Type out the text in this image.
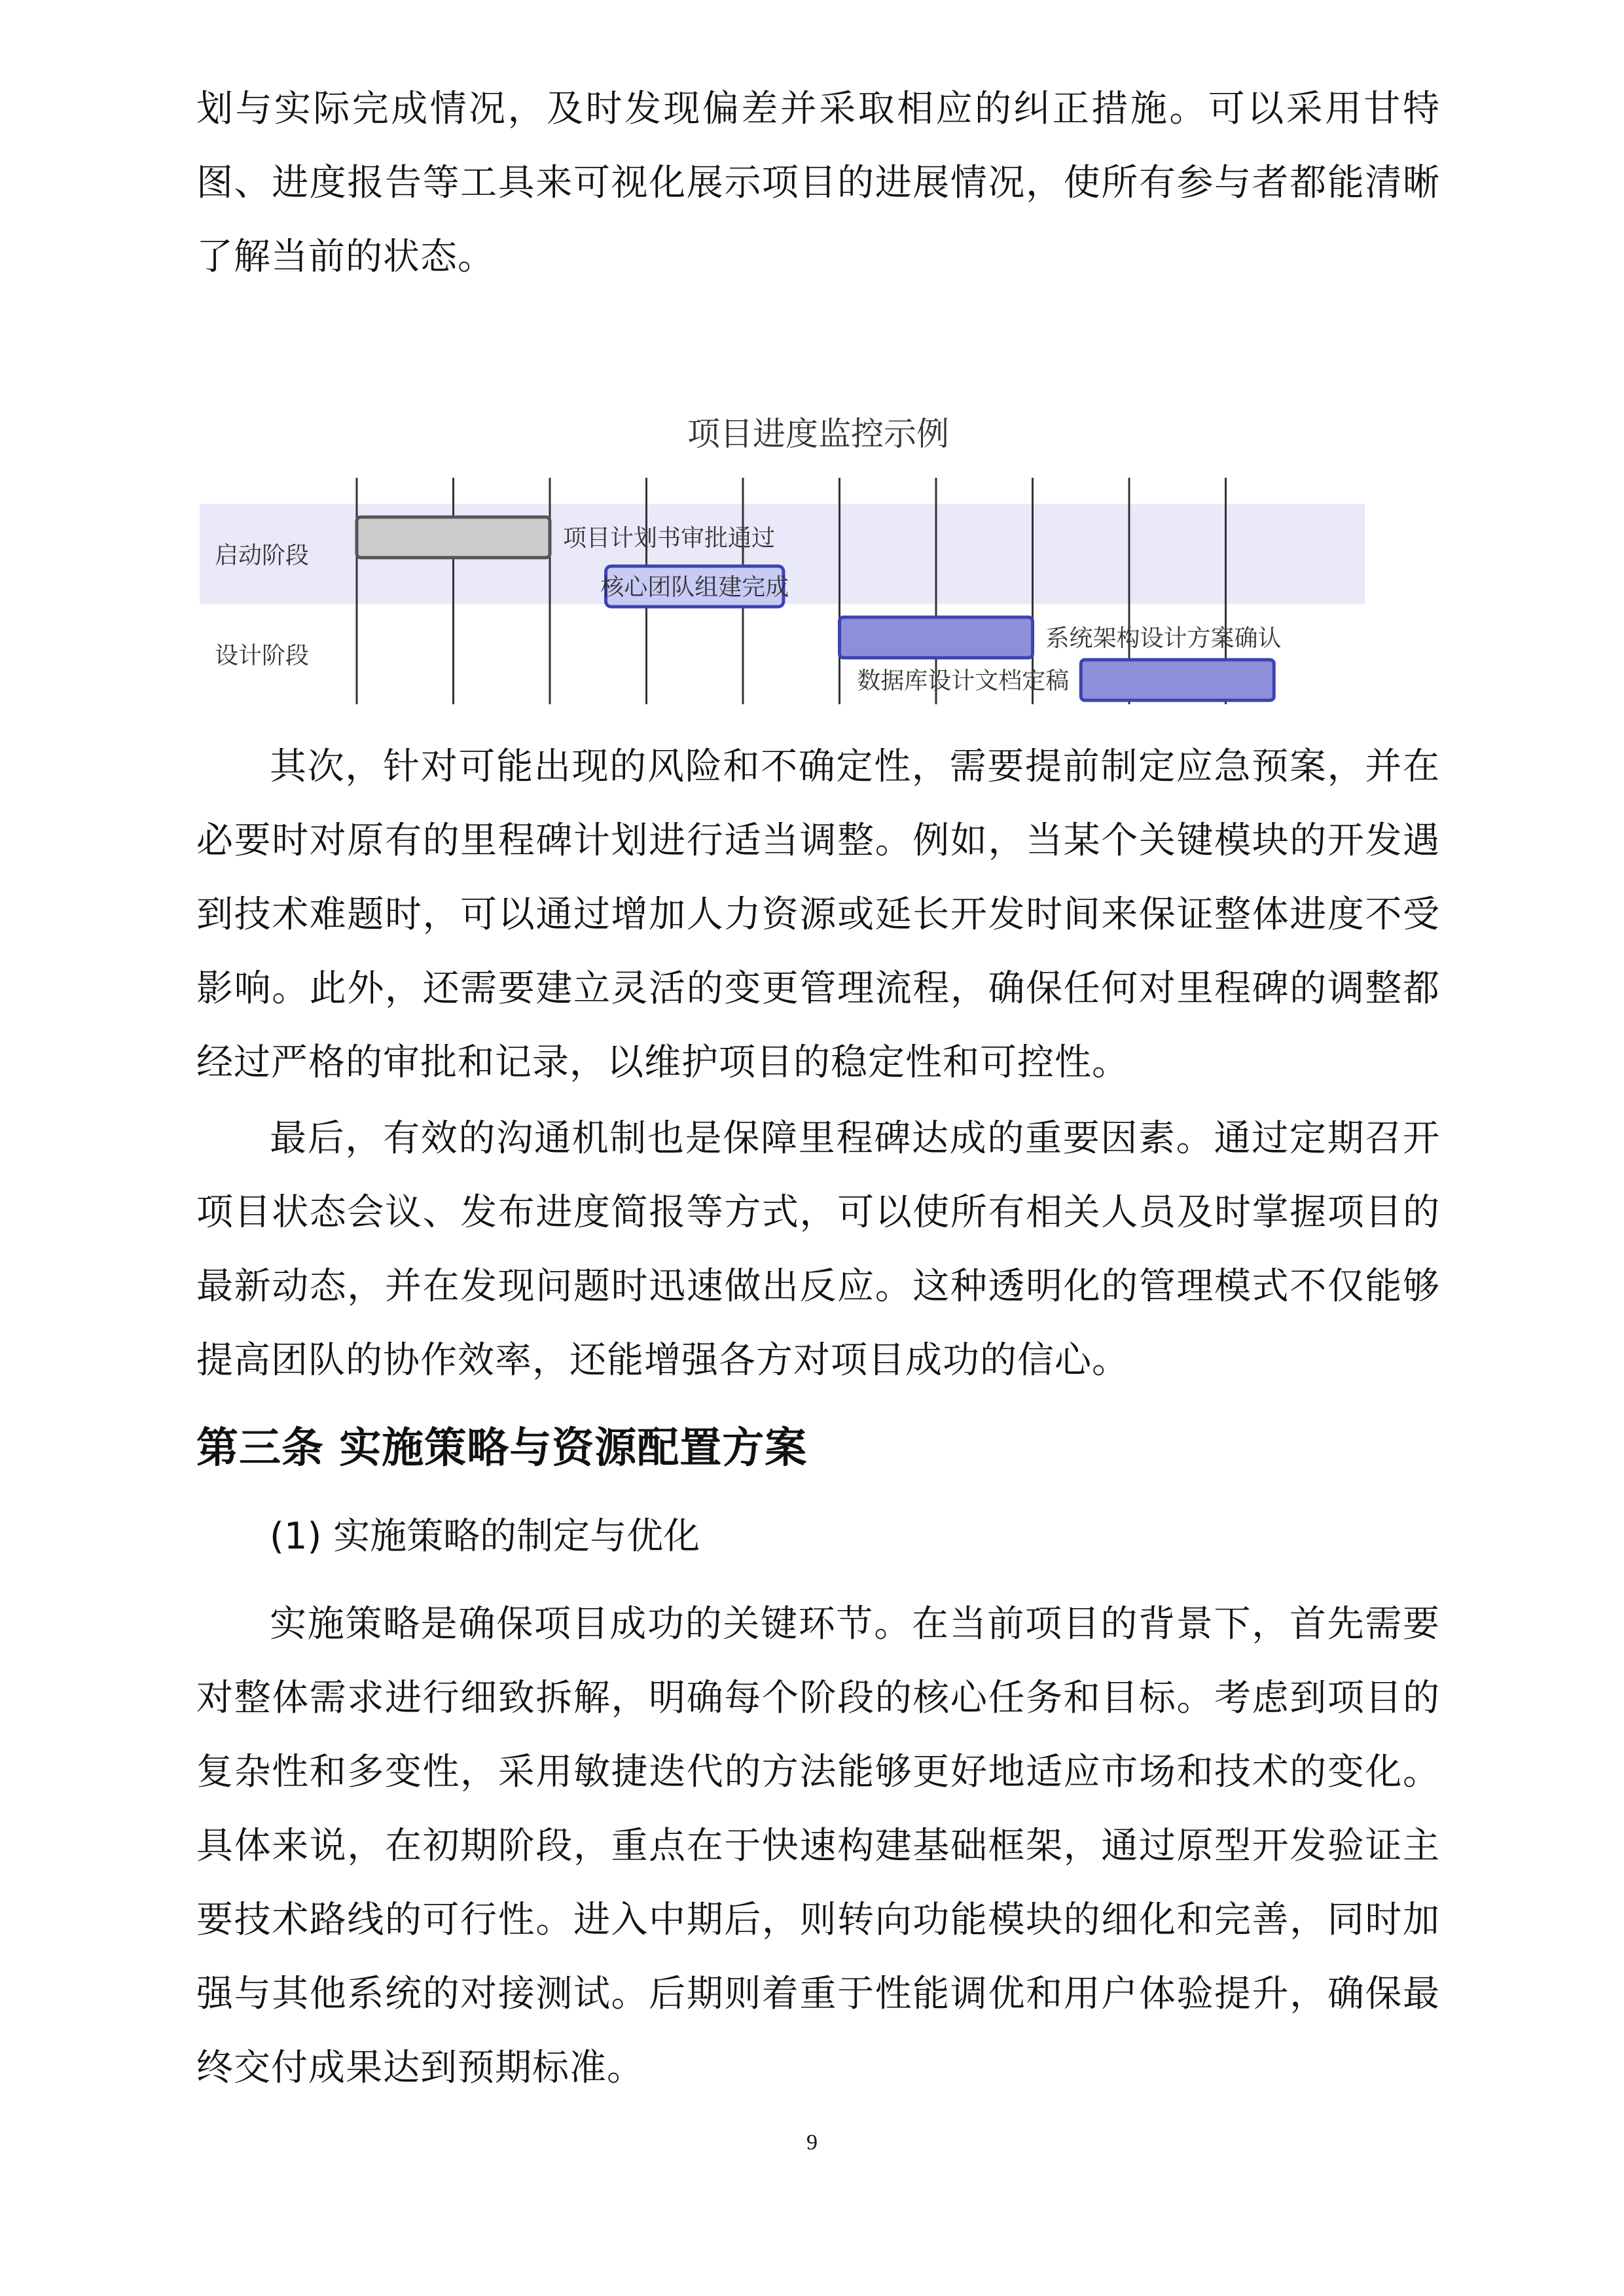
划与实际完成情况，及时发现偏差并采取相应的纠正措施。可以采用甘特图、进度报告等工具来可视化展示项目的进展情况，使所有参与者都能清晰了解当前的状态。

启动阶段
设计阶段
项目计划书审批通过
核心团队组建完成
系统架构设计方案确认
数据库设计文档定稿
项目进度监控示例

其次，针对可能出现的风险和不确定性，需要提前制定应急预案，并在必要时对原有的里程碑计划进行适当调整。例如，当某个关键模块的开发遇到技术难题时，可以通过增加人力资源或延长开发时间来保证整体进度不受影响。此外，还需要建立灵活的变更管理流程，确保任何对里程碑的调整都经过严格的审批和记录，以维护项目的稳定性和可控性。

最后，有效的沟通机制也是保障里程碑达成的重要因素。通过定期召开项目状态会议、发布进度简报等方式，可以使所有相关人员及时掌握项目的最新动态，并在发现问题时迅速做出反应。这种透明化的管理模式不仅能够提高团队的协作效率，还能增强各方对项目成功的信心。

第三条 实施策略与资源配置方案
(1) 实施策略的制定与优化

实施策略是确保项目成功的关键环节。在当前项目的背景下，首先需要对整体需求进行细致拆解，明确每个阶段的核心任务和目标。考虑到项目的复杂性和多变性，采用敏捷迭代的方法能够更好地适应市场和技术的变化。具体来说，在初期阶段，重点在于快速构建基础框架，通过原型开发验证主要技术路线的可行性。进入中期后，则转向功能模块的细化和完善，同时加强与其他系统的对接测试。后期则着重于性能调优和用户体验提升，确保最终交付成果达到预期标准。

9
